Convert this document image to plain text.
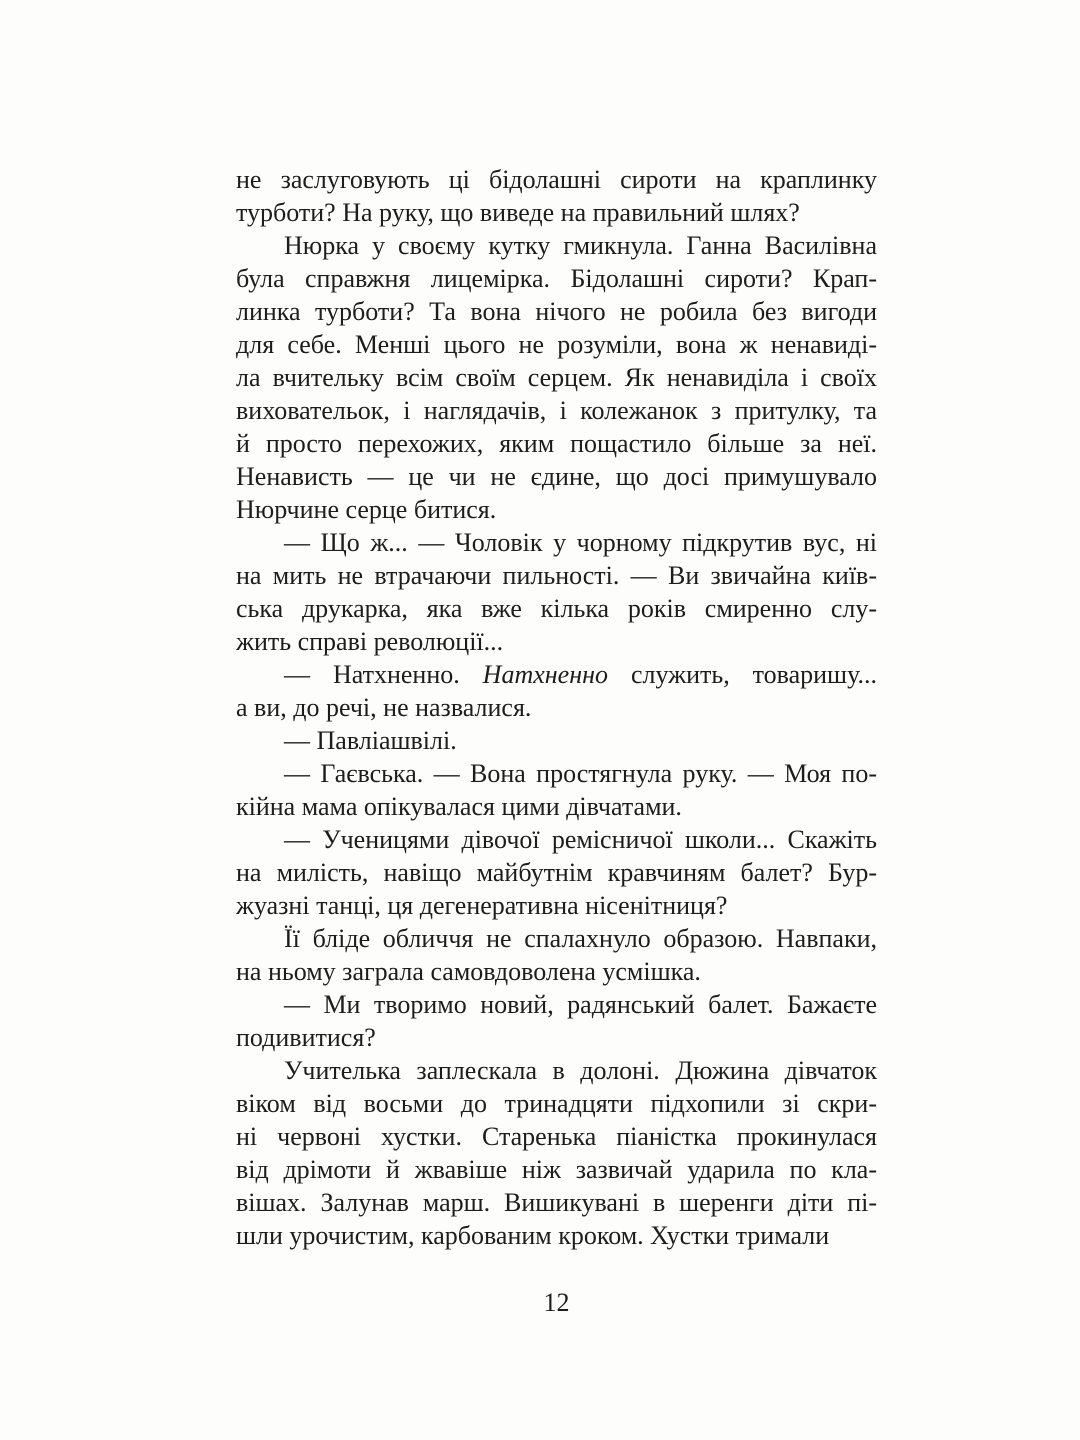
не заслуговують ці бідолашні сироти на краплинку
турботи? На руку, що виведе на правильний шлях?
Нюрка у своєму кутку гмикнула. Ганна Василівна
була справжня лицемірка. Бідолашні сироти? Крап-
линка турботи? Та вона нічого не робила без вигоди
для себе. Менші цього не розуміли, вона ж ненавиді-
ла вчительку всім своїм серцем. Як ненавиділа і своїх
виховательок, і наглядачів, і колежанок з притулку, та
й просто перехожих, яким пощастило більше за неї.
Ненависть — це чи не єдине, що досі примушувало
Нюрчине серце битися.
— Що ж... — Чоловік у чорному підкрутив вус, ні
на мить не втрачаючи пильності. — Ви звичайна київ-
ська друкарка, яка вже кілька років смиренно слу-
жить справі революції...
— Натхненно. Натхненно служить, товаришу...
а ви, до речі, не назвалися.
— Павліашвілі.
— Гаєвська. — Вона простягнула руку. — Моя по-
кійна мама опікувалася цими дівчатами.
— Ученицями дівочої ремісничої школи... Скажіть
на милість, навіщо майбутнім кравчиням балет? Бур-
жуазні танці, ця дегенеративна нісенітниця?
Її бліде обличчя не спалахнуло образою. Навпаки,
на ньому заграла самовдоволена усмішка.
— Ми творимо новий, радянський балет. Бажаєте
подивитися?
Учителька заплескала в долоні. Дюжина дівчаток
віком від восьми до тринадцяти підхопили зі скри-
ні червоні хустки. Старенька піаністка прокинулася
від дрімоти й жвавіше ніж зазвичай ударила по кла-
вішах. Залунав марш. Вишикувані в шеренги діти пі-
шли урочистим, карбованим кроком. Хустки тримали
12
